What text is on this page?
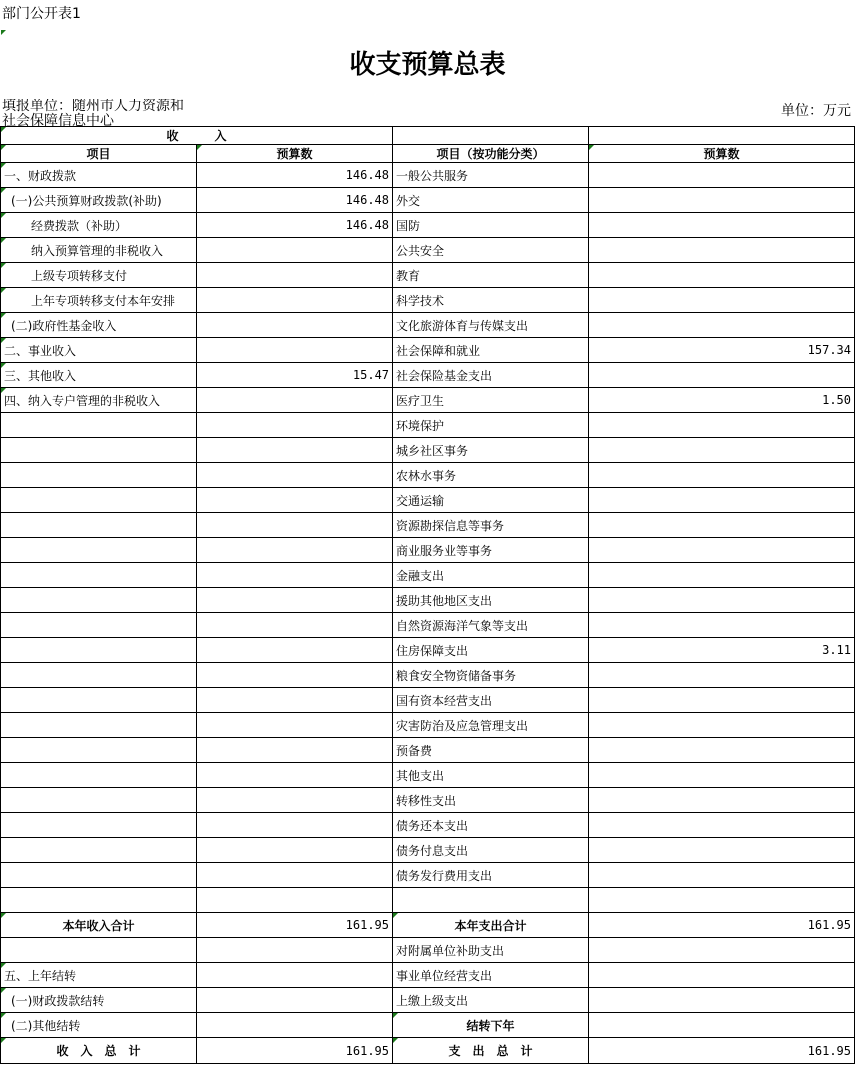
部门公开表1
收支预算总表
填报单位：随州市人力资源和社会保障信息中心
单位：万元
收　　　入			
项目	预算数	项目（按功能分类）	预算数
一、财政拨款	146.48	一般公共服务	
(一)公共预算财政拨款(补助)	146.48	外交	
经费拨款（补助）	146.48	国防	
纳入预算管理的非税收入		公共安全	
上级专项转移支付		教育	
上年专项转移支付本年安排		科学技术	
(二)政府性基金收入		文化旅游体育与传媒支出	
二、事业收入		社会保障和就业	157.34
三、其他收入	15.47	社会保险基金支出	
四、纳入专户管理的非税收入		医疗卫生	1.50
		环境保护	
		城乡社区事务	
		农林水事务	
		交通运输	
		资源勘探信息等事务	
		商业服务业等事务	
		金融支出	
		援助其他地区支出	
		自然资源海洋气象等支出	
		住房保障支出	3.11
		粮食安全物资储备事务	
		国有资本经营支出	
		灾害防治及应急管理支出	
		预备费	
		其他支出	
		转移性支出	
		债务还本支出	
		债务付息支出	
		债务发行费用支出	

本年收入合计	161.95	本年支出合计	161.95
		对附属单位补助支出	
五、上年结转		事业单位经营支出	
(一)财政拨款结转		上缴上级支出	
(二)其他结转		结转下年	
收　入　总　计	161.95	支　出　总　计	161.95
